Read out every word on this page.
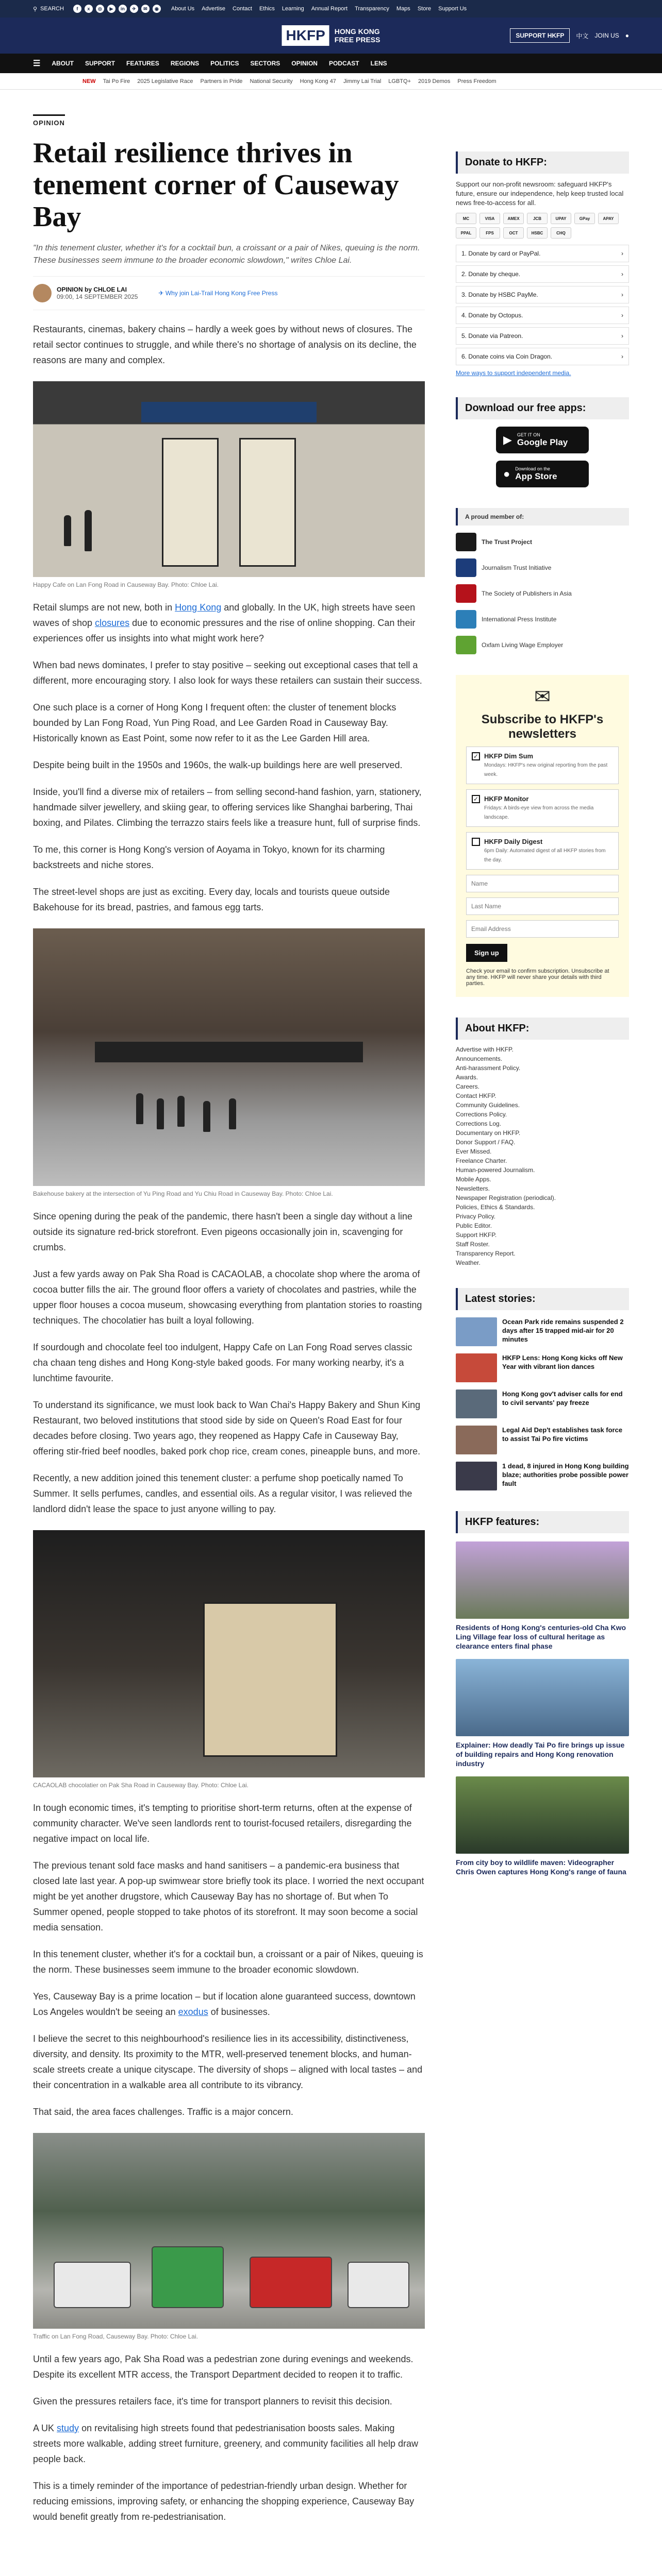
⚲ SEARCH	f	x	◎	▶	in	✈	✉	◉	About Us Advertise Contact Ethics Learning Annual Report Transparency Maps Store Support Us
HKFP	HONG KONG
FREE PRESS	SUPPORT HKFP	中文 JOIN US ●
☰ ABOUT SUPPORT FEATURES REGIONS POLITICS SECTORS OPINION PODCAST LENS
NEW Tai Po Fire 2025 Legislative Race Partners in Pride National Security Hong Kong 47 Jimmy Lai Trial LGBTQ+ 2019 Demos Press Freedom
OPINION
Retail resilience thrives in tenement corner of Causeway Bay
"In this tenement cluster, whether it's for a cocktail bun, a croissant or a pair of Nikes, queuing is the norm. These businesses seem immune to the broader economic slowdown," writes Chloe Lai.
OPINION by CHLOE LAI
09:00, 14 SEPTEMBER 2025	✈ Why join Lai-Trail Hong Kong Free Press

Restaurants, cinemas, bakery chains – hardly a week goes by without news of closures. The retail sector continues to struggle, and while there's no shortage of analysis on its decline, the reasons are many and complex.

Happy Cafe on Lan Fong Road in Causeway Bay. Photo: Chloe Lai.

Retail slumps are not new, both in Hong Kong and globally. In the UK, high streets have seen waves of shop closures due to economic pressures and the rise of online shopping. Can their experiences offer us insights into what might work here?

When bad news dominates, I prefer to stay positive – seeking out exceptional cases that tell a different, more encouraging story. I also look for ways these retailers can sustain their success.

One such place is a corner of Hong Kong I frequent often: the cluster of tenement blocks bounded by Lan Fong Road, Yun Ping Road, and Lee Garden Road in Causeway Bay. Historically known as East Point, some now refer to it as the Lee Garden Hill area.

Despite being built in the 1950s and 1960s, the walk-up buildings here are well preserved.

Inside, you'll find a diverse mix of retailers – from selling second-hand fashion, yarn, stationery, handmade silver jewellery, and skiing gear, to offering services like Shanghai barbering, Thai boxing, and Pilates. Climbing the terrazzo stairs feels like a treasure hunt, full of surprise finds.

To me, this corner is Hong Kong's version of Aoyama in Tokyo, known for its charming backstreets and niche stores.

The street-level shops are just as exciting. Every day, locals and tourists queue outside Bakehouse for its bread, pastries, and famous egg tarts.

Bakehouse bakery at the intersection of Yu Ping Road and Yu Chiu Road in Causeway Bay. Photo: Chloe Lai.

Since opening during the peak of the pandemic, there hasn't been a single day without a line outside its signature red-brick storefront. Even pigeons occasionally join in, scavenging for crumbs.

Just a few yards away on Pak Sha Road is CACAOLAB, a chocolate shop where the aroma of cocoa butter fills the air. The ground floor offers a variety of chocolates and pastries, while the upper floor houses a cocoa museum, showcasing everything from plantation stories to roasting techniques. The chocolatier has built a loyal following.

If sourdough and chocolate feel too indulgent, Happy Cafe on Lan Fong Road serves classic cha chaan teng dishes and Hong Kong-style baked goods. For many working nearby, it's a lunchtime favourite.

To understand its significance, we must look back to Wan Chai's Happy Bakery and Shun King Restaurant, two beloved institutions that stood side by side on Queen's Road East for four decades before closing. Two years ago, they reopened as Happy Cafe in Causeway Bay, offering stir-fried beef noodles, baked pork chop rice, cream cones, pineapple buns, and more.

Recently, a new addition joined this tenement cluster: a perfume shop poetically named To Summer. It sells perfumes, candles, and essential oils. As a regular visitor, I was relieved the landlord didn't lease the space to just anyone willing to pay.

CACAOLAB chocolatier on Pak Sha Road in Causeway Bay. Photo: Chloe Lai.

In tough economic times, it's tempting to prioritise short-term returns, often at the expense of community character. We've seen landlords rent to tourist-focused retailers, disregarding the negative impact on local life.

The previous tenant sold face masks and hand sanitisers – a pandemic-era business that closed late last year. A pop-up swimwear store briefly took its place. I worried the next occupant might be yet another drugstore, which Causeway Bay has no shortage of. But when To Summer opened, people stopped to take photos of its storefront. It may soon become a social media sensation.

In this tenement cluster, whether it's for a cocktail bun, a croissant or a pair of Nikes, queuing is the norm. These businesses seem immune to the broader economic slowdown.

Yes, Causeway Bay is a prime location – but if location alone guaranteed success, downtown Los Angeles wouldn't be seeing an exodus of businesses.

I believe the secret to this neighbourhood's resilience lies in its accessibility, distinctiveness, diversity, and density. Its proximity to the MTR, well-preserved tenement blocks, and human-scale streets create a unique cityscape. The diversity of shops – aligned with local tastes – and their concentration in a walkable area all contribute to its vibrancy.

That said, the area faces challenges. Traffic is a major concern.

Traffic on Lan Fong Road, Causeway Bay. Photo: Chloe Lai.

Until a few years ago, Pak Sha Road was a pedestrian zone during evenings and weekends. Despite its excellent MTR access, the Transport Department decided to reopen it to traffic.

Given the pressures retailers face, it's time for transport planners to revisit this decision.

A UK study on revitalising high streets found that pedestrianisation boosts sales. Making streets more walkable, adding street furniture, greenery, and community facilities all help draw people back.

This is a timely reminder of the importance of pedestrian-friendly urban design. Whether for reducing emissions, improving safety, or enhancing the shopping experience, Causeway Bay would benefit greatly from re-pedestrianisation.

Donate to HKFP:

Support our non-profit newsroom: safeguard HKFP's future, ensure our independence, help keep trusted local news free-to-access for all.

MC	VISA	AMEX	JCB	UPAY	GPay	APAY
PPAL	FPS	OCT	HSBC	CHQ
1. Donate by card or PayPal.	›
2. Donate by cheque.	›
3. Donate by HSBC PayMe.	›
4. Donate by Octopus.	›
5. Donate via Patreon.	›
6. Donate coins via Coin Dragon.	›
More ways to support independent media.
Download our free apps:
▶ GET IT ON
Google Play
● Download on the
App Store
A proud member of:
The Trust Project
Journalism Trust Initiative
The Society of Publishers in Asia
International Press Institute
Oxfam Living Wage Employer
✉
Subscribe to HKFP's newsletters
✓ HKFP Dim Sum
Mondays: HKFP's new original reporting from the past week.
✓ HKFP Monitor
Fridays: A birds-eye view from across the media landscape.
HKFP Daily Digest
6pm Daily: Automated digest of all HKFP stories from the day.
Name
Last Name
Email Address
Sign up

Check your email to confirm subscription. Unsubscribe at any time. HKFP will never share your details with third parties.

About HKFP:
Advertise with HKFP.
Announcements.
Anti-harassment Policy.
Awards.
Careers.
Contact HKFP.
Community Guidelines.
Corrections Policy.
Corrections Log.
Documentary on HKFP.
Donor Support / FAQ.
Ever Missed.
Freelance Charter.
Human-powered Journalism.
Mobile Apps.
Newsletters.
Newspaper Registration (periodical).
Policies, Ethics & Standards.
Privacy Policy.
Public Editor.
Support HKFP.
Staff Roster.
Transparency Report.
Weather.
Latest stories:
Ocean Park ride remains suspended 2 days after 15 trapped mid-air for 20 minutes
HKFP Lens: Hong Kong kicks off New Year with vibrant lion dances
Hong Kong gov't adviser calls for end to civil servants' pay freeze
Legal Aid Dep't establishes task force to assist Tai Po fire victims
1 dead, 8 injured in Hong Kong building blaze; authorities probe possible power fault
HKFP features:
Residents of Hong Kong's centuries-old Cha Kwo Ling Village fear loss of cultural heritage as clearance enters final phase
Explainer: How deadly Tai Po fire brings up issue of building repairs and Hong Kong renovation industry
From city boy to wildlife maven: Videographer Chris Owen captures Hong Kong's range of fauna
